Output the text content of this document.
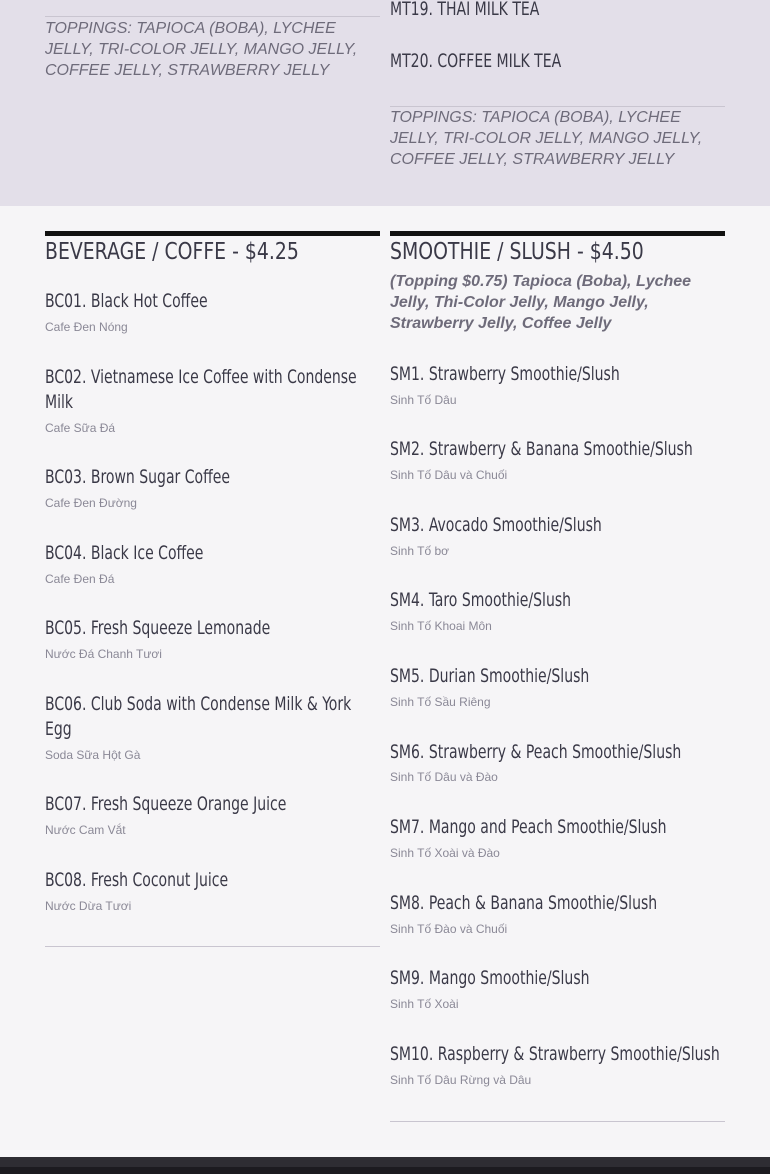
TOPPINGS: TAPIOCA (BOBA), LYCHEE JELLY, TRI-COLOR JELLY, MANGO JELLY, COFFEE JELLY, STRAWBERRY JELLY

MT19. THAI MILK TEA

MT20. COFFEE MILK TEA

TOPPINGS: TAPIOCA (BOBA), LYCHEE JELLY, TRI-COLOR JELLY, MANGO JELLY, COFFEE JELLY, STRAWBERRY JELLY

BEVERAGE / COFFE - $4.25

BC01. Black Hot Coffee

Cafe Đen Nóng

BC02. Vietnamese Ice Coffee with Condense Milk

Cafe Sữa Đá

BC03. Brown Sugar Coffee

Cafe Đen Đường

BC04. Black Ice Coffee

Cafe Đen Đá

BC05. Fresh Squeeze Lemonade

Nước Đá Chanh Tươi

BC06. Club Soda with Condense Milk & York Egg

Soda Sữa Hột Gà

BC07. Fresh Squeeze Orange Juice

Nước Cam Vắt

BC08. Fresh Coconut Juice

Nước Dừa Tươi

SMOOTHIE / SLUSH - $4.50

(Topping $0.75) Tapioca (Boba), Lychee Jelly, Thi-Color Jelly, Mango Jelly, Strawberry Jelly, Coffee Jelly

SM1. Strawberry Smoothie/Slush

Sinh Tố Dâu

SM2. Strawberry & Banana Smoothie/Slush

Sinh Tố Dâu và Chuối

SM3. Avocado Smoothie/Slush

Sinh Tố bơ

SM4. Taro Smoothie/Slush

Sinh Tố Khoai Môn

SM5. Durian Smoothie/Slush

Sinh Tố Sầu Riêng

SM6. Strawberry & Peach Smoothie/Slush

Sinh Tố Dâu và Đào

SM7. Mango and Peach Smoothie/Slush

Sinh Tố Xoài và Đào

SM8. Peach & Banana Smoothie/Slush

Sinh Tố Đào và Chuối

SM9. Mango Smoothie/Slush

Sinh Tố Xoài

SM10. Raspberry & Strawberry Smoothie/Slush

Sinh Tố Dâu Rừng và Dâu
